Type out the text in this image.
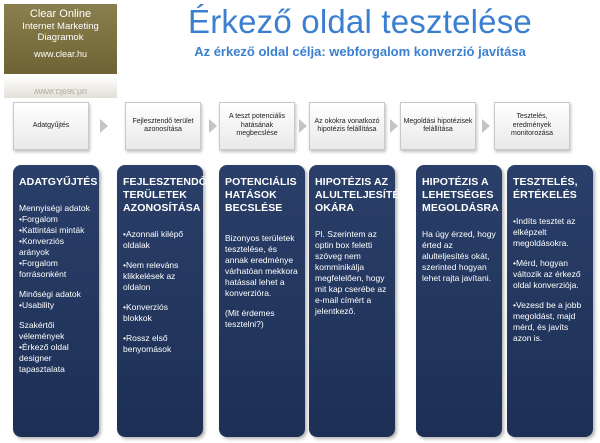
Clear Online
Internet Marketing
Diagramok
www.clear.hu
www.clear.hu
Érkező oldal tesztelése
Az érkező oldal célja: webforgalom konverzió javítása
Adatgyűjtés
Fejlesztendő terület azonosítása
A teszt potenciális hatásának megbecslése
Az okokra vonatkozó hipotézis felállítása
Megoldási hipotézisek felállítása
Tesztelés, eredmények monitorozása
ADATGYŰJTÉS

Mennyiségi adatok
•Forgalom
•Kattintási minták
•Konverziós arányok
•Forgalom forrásonként

Minőségi adatok
•Usability

Szakértői vélemények
•Érkező oldal designer tapasztalata

FEJLESZTENDŐ TERÜLETEK AZONOSÍTÁSA

•Azonnali kilépő oldalak

•Nem releváns klikkelések az oldalon

•Konverziós blokkok

•Rossz első benyomások

POTENCIÁLIS HATÁSOK BECSLÉSE

Bizonyos területek tesztelése, és annak eredménye várhatóan mekkora hatással lehet a konverzióra.

(Mit érdemes tesztelni?)

HIPOTÉZIS AZ ALULTELJESÍTÉS OKÁRA

Pl. Szerintem az optin box feletti szöveg nem komminikálja megfelelően, hogy mit kap cserébe az e-mail címért a jelentkező.

HIPOTÉZIS A LEHETSÉGES MEGOLDÁSRA

Ha úgy érzed, hogy érted az alulteljesítés okát, szerinted hogyan lehet rajta javítani.

TESZTELÉS, ÉRTÉKELÉS

•Indíts tesztet az elképzelt megoldásokra.

•Mérd, hogyan változik az érkező oldal konverziója.

•Vezesd be a jobb megoldást, majd mérd, és javíts azon is.
